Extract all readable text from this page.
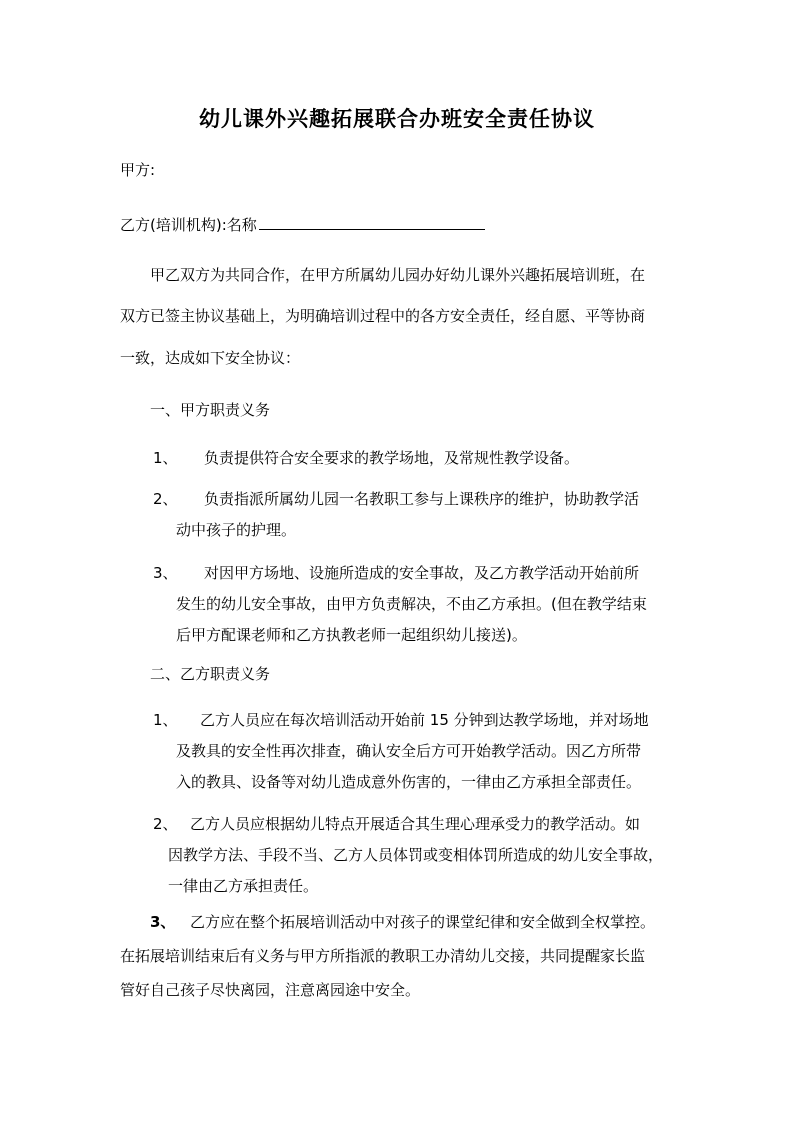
幼儿课外兴趣拓展联合办班安全责任协议
甲方:
乙方(培训机构):名称
甲乙双方为共同合作，在甲方所属幼儿园办好幼儿课外兴趣拓展培训班，在
双方已签主协议基础上，为明确培训过程中的各方安全责任，经自愿、平等协商
一致，达成如下安全协议：
一、甲方职责义务
1、 负责提供符合安全要求的教学场地，及常规性教学设备。
2、 负责指派所属幼儿园一名教职工参与上课秩序的维护，协助教学活
动中孩子的护理。
3、 对因甲方场地、设施所造成的安全事故，及乙方教学活动开始前所
发生的幼儿安全事故，由甲方负责解决，不由乙方承担。(但在教学结束
后甲方配课老师和乙方执教老师一起组织幼儿接送)。
二、乙方职责义务
1、 乙方人员应在每次培训活动开始前 15 分钟到达教学场地，并对场地
及教具的安全性再次排查，确认安全后方可开始教学活动。因乙方所带
入的教具、设备等对幼儿造成意外伤害的，一律由乙方承担全部责任。
2、 乙方人员应根据幼儿特点开展适合其生理心理承受力的教学活动。如
因教学方法、手段不当、乙方人员体罚或变相体罚所造成的幼儿安全事故，
一律由乙方承担责任。
3、 乙方应在整个拓展培训活动中对孩子的课堂纪律和安全做到全权掌控。
在拓展培训结束后有义务与甲方所指派的教职工办清幼儿交接，共同提醒家长监
管好自己孩子尽快离园，注意离园途中安全。
